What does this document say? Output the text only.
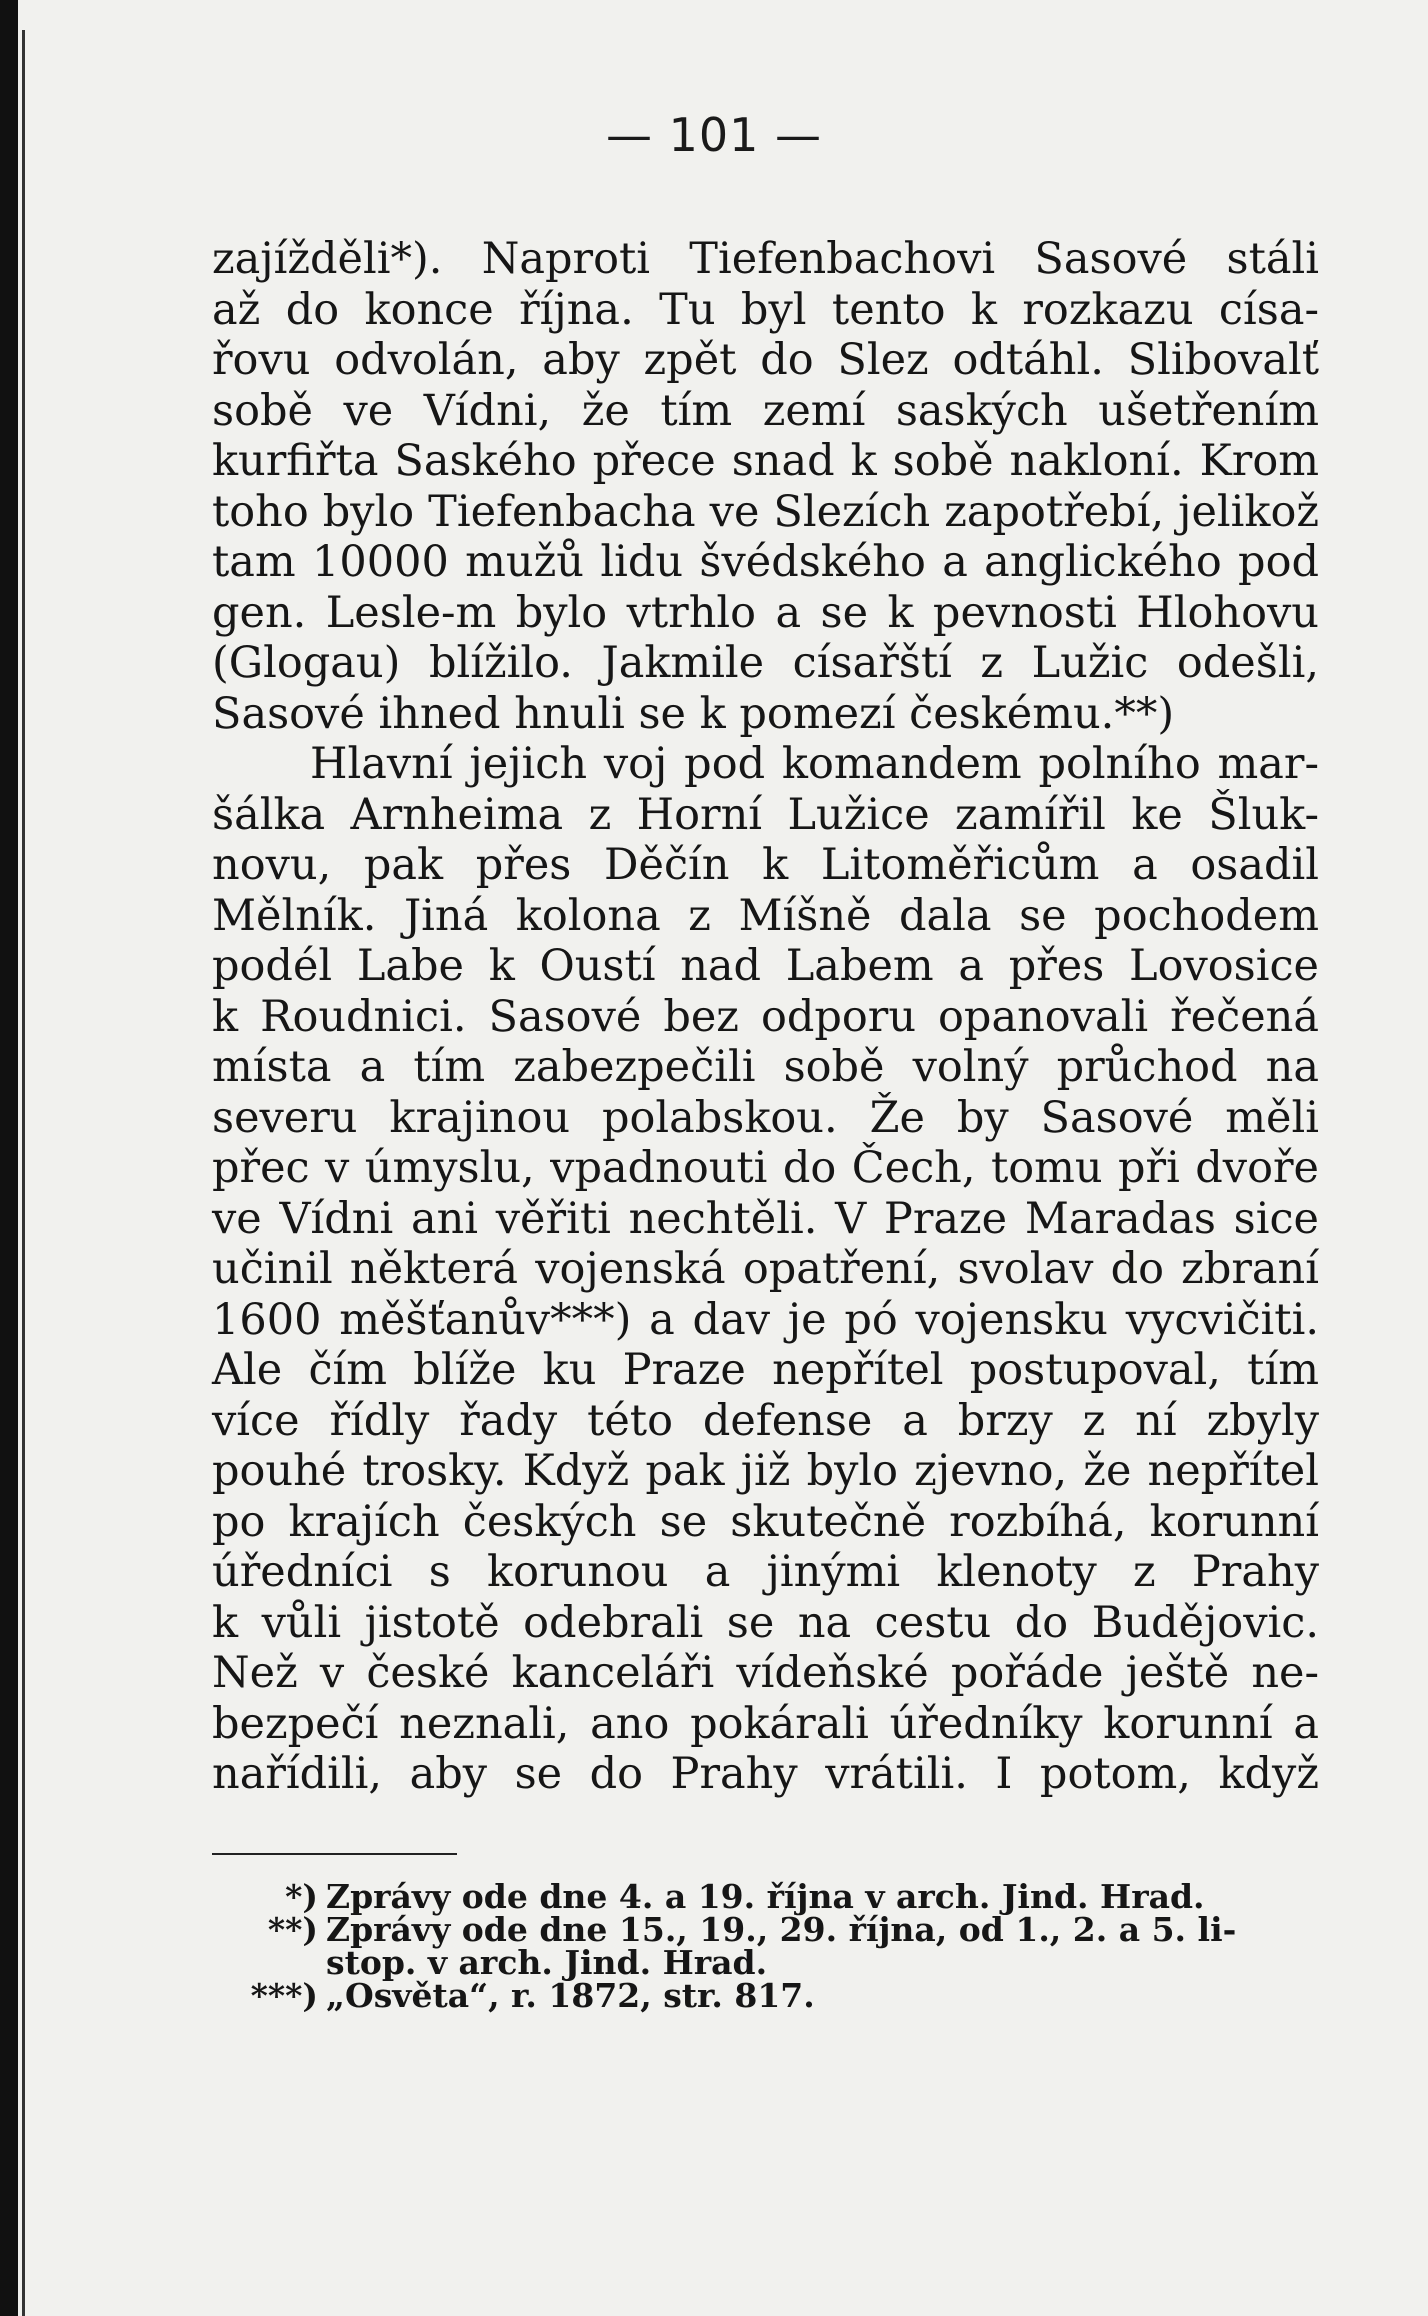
— 101 —
zajížděli*). Naproti Tiefenbachovi Sasové stáli
až do konce října. Tu byl tento k rozkazu císa-
řovu odvolán, aby zpět do Slez odtáhl. Slibovalť
sobě ve Vídni, že tím zemí saských ušetřením
kurfiřta Saského přece snad k sobě nakloní. Krom
toho bylo Tiefenbacha ve Slezích zapotřebí, jelikož
tam 10000 mužů lidu švédského a anglického pod
gen. Lesle-m bylo vtrhlo a se k pevnosti Hlohovu
(Glogau) blížilo. Jakmile císařští z Lužic odešli,
Sasové ihned hnuli se k pomezí českému.**)
Hlavní jejich voj pod komandem polního mar-
šálka Arnheima z Horní Lužice zamířil ke Šluk-
novu, pak přes Děčín k Litoměřicům a osadil
Mělník. Jiná kolona z Míšně dala se pochodem
podél Labe k Oustí nad Labem a přes Lovosice
k Roudnici. Sasové bez odporu opanovali řečená
místa a tím zabezpečili sobě volný průchod na
severu krajinou polabskou. Že by Sasové měli
přec v úmyslu, vpadnouti do Čech, tomu při dvoře
ve Vídni ani věřiti nechtěli. V Praze Maradas sice
učinil některá vojenská opatření, svolav do zbraní
1600 měšťanův***) a dav je pó vojensku vycvičiti.
Ale čím blíže ku Praze nepřítel postupoval, tím
více řídly řady této defense a brzy z ní zbyly
pouhé trosky. Když pak již bylo zjevno, že nepřítel
po krajích českých se skutečně rozbíhá, korunní
úředníci s korunou a jinými klenoty z Prahy
k vůli jistotě odebrali se na cestu do Budějovic.
Než v české kanceláři vídeňské pořáde ještě ne-
bezpečí neznali, ano pokárali úředníky korunní a
nařídili, aby se do Prahy vrátili. I potom, když
*) Zprávy ode dne 4. a 19. října v arch. Jind. Hrad.
**) Zprávy ode dne 15., 19., 29. října, od 1., 2. a 5. li-
stop. v arch. Jind. Hrad.
***) „Osvěta“, r. 1872, str. 817.
